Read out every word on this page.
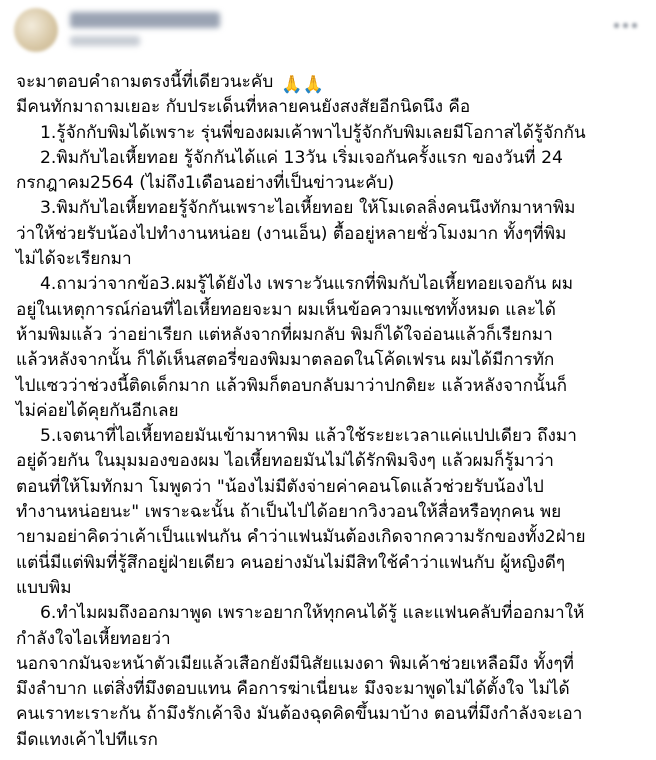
จะมาตอบคำถามตรงนี้ที่เดียวนะคับ 🙏🙏
มีคนทักมาถามเยอะ กับประเด็นที่หลายคนยังสงสัยอีกนิดนึง คือ
1.รู้จักกับพิมได้เพราะ รุ่นพี่ของผมเค้าพาไปรู้จักกับพิมเลยมีโอกาสได้รู้จักกัน
2.พิมกับไอเหี้ยทอย รู้จักกันได้แค่ 13วัน เริ่มเจอกันครั้งแรก ของวันที่ 24
กรกฎาคม2564 (ไม่ถึง1เดือนอย่างที่เป็นข่าวนะคับ)
3.พิมกับไอเหี้ยทอยรู้จักกันเพราะไอเหี้ยทอย ให้โมเดลลิ่งคนนึงทักมาหาพิม
ว่าให้ช่วยรับน้องไปทำงานหน่อย (งานเอ็น) ตื้ออยู่หลายชั่วโมงมาก ทั้งๆที่พิม
ไม่ได้จะเรียกมา
4.ถามว่าจากข้อ3.ผมรู้ได้ยังไง เพราะวันแรกที่พิมกับไอเหี้ยทอยเจอกัน ผม
อยู่ในเหตุการณ์ก่อนที่ไอเหี้ยทอยจะมา ผมเห็นข้อความแชททั้งหมด และได้
ห้ามพิมแล้ว ว่าอย่าเรียก แต่หลังจากที่ผมกลับ พิมก็ได้ใจอ่อนแล้วก็เรียกมา
แล้วหลังจากนั้น ก็ได้เห็นสตอรี่ของพิมมาตลอดในโค้ดเฟรน ผมได้มีการทัก
ไปแซวว่าช่วงนี้ติดเด็กมาก แล้วพิมก็ตอบกลับมาว่าปกติยะ แล้วหลังจากนั้นก็
ไม่ค่อยได้คุยกันอีกเลย
5.เจตนาที่ไอเหี้ยทอยมันเข้ามาหาพิม แล้วใช้ระยะเวลาแค่แปปเดียว ถึงมา
อยู่ด้วยกัน ในมุมมองของผม ไอเหี้ยทอยมันไม่ได้รักพิมจิงๆ แล้วผมก็รู้มาว่า
ตอนที่ให้โมทักมา โมพูดว่า "น้องไม่มีตังจ่ายค่าคอนโดแล้วช่วยรับน้องไป
ทำงานหน่อยนะ" เพราะฉะนั้น ถ้าเป็นไปได้อยากวิงวอนให้สื่อหรือทุกคน พย
ายามอย่าคิดว่าเค้าเป็นแฟนกัน คำว่าแฟนมันต้องเกิดจากความรักของทั้ง2ฝ่าย
แต่นี่มีแต่พิมที่รู้สึกอยู่ฝ่ายเดียว คนอย่างมันไม่มีสิทใช้คำว่าแฟนกับ ผู้หญิงดีๆ
แบบพิม
6.ทำไมผมถึงออกมาพูด เพราะอยากให้ทุกคนได้รู้ และแฟนคลับที่ออกมาให้
กำลังใจไอเหี้ยทอยว่า
นอกจากมันจะหน้าตัวเมียแล้วเสือกยังมีนิสัยแมงดา พิมเค้าช่วยเหลือมึง ทั้งๆที่
มึงลำบาก แต่สิ่งที่มึงตอบแทน คือการฆ่าเนี่ยนะ มึงจะมาพูดไม่ได้ตั้งใจ ไม่ได้
คนเราทะเราะกัน ถ้ามึงรักเค้าจิง มันต้องฉุดคิดขึ้นมาบ้าง ตอนที่มึงกำลังจะเอา
มีดแทงเค้าไปทีแรก
